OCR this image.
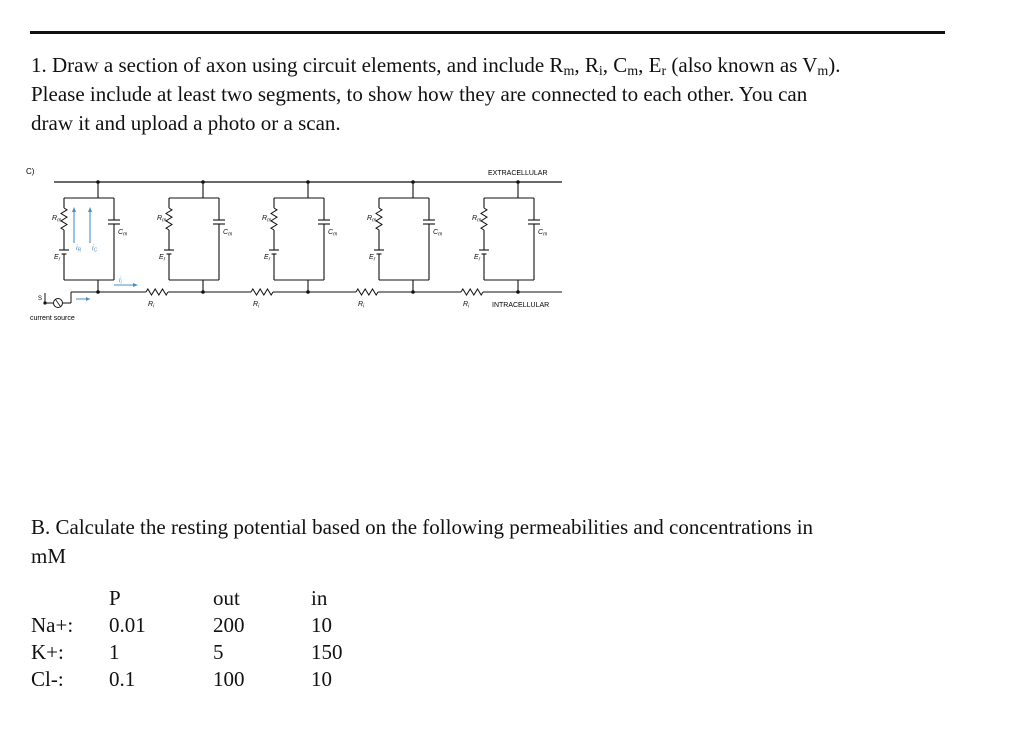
1. Draw a section of axon using circuit elements, and include $R_m$, $R_i$, $C_m$, $E_r$ (also known as $V_m$).

Please include at least two segments, to show how they are connected to each other. You can

draw it and upload a photo or a scan.

C)	EXTRACELLULAR
INTRACELLULAR
current source
S
$R_m$
$C_m$
$E_r$
$i_R$ $i_C$
$R_m$
$C_m$
$E_r$
$R_m$
$C_m$
$E_r$
$R_m$
$C_m$
$E_r$
$R_m$
$C_m$
$E_r$
$R_i$	$R_i$	$R_i$	$R_i$
$i_i$

B. Calculate the resting potential based on the following permeabilities and concentrations in

mM

	P	out	in
Na+:	0.01	200	10
K+:	1	5	150
Cl-:	0.1	100	10
